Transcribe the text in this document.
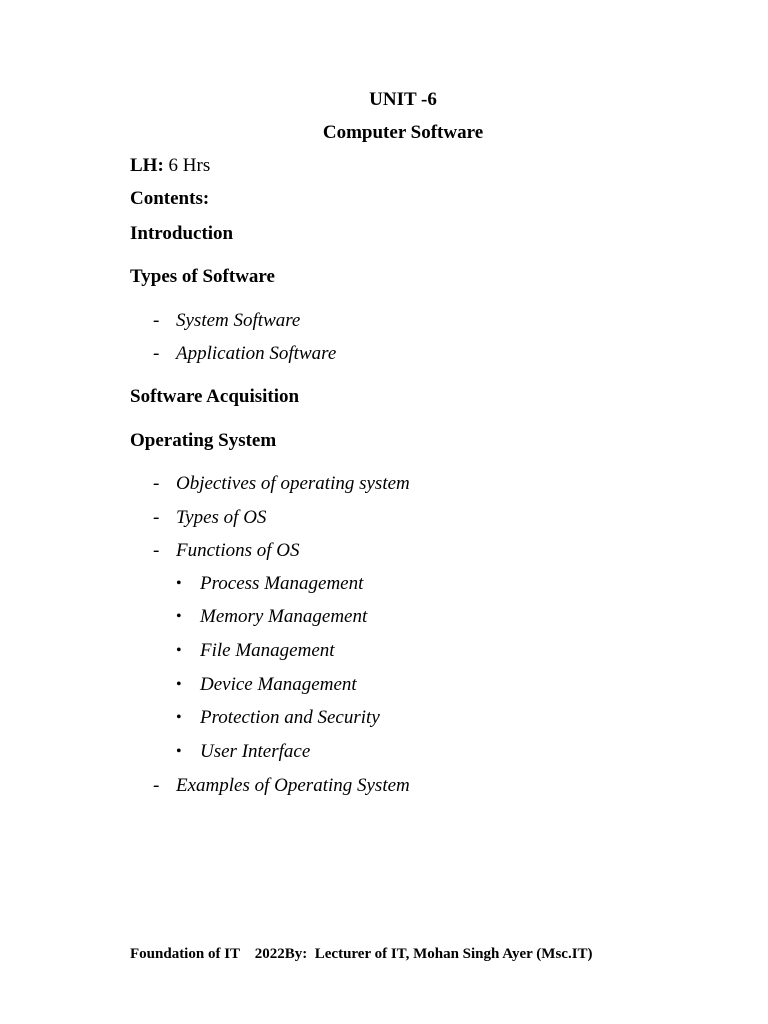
UNIT -6
Computer Software
LH: 6 Hrs
Contents:
Introduction
Types of Software
- System Software
- Application Software
Software Acquisition
Operating System
- Objectives of operating system
- Types of OS
- Functions of OS
• Process Management
• Memory Management
• File Management
• Device Management
• Protection and Security
• User Interface
- Examples of Operating System
Foundation of IT    2022By:  Lecturer of IT, Mohan Singh Ayer (Msc.IT)
